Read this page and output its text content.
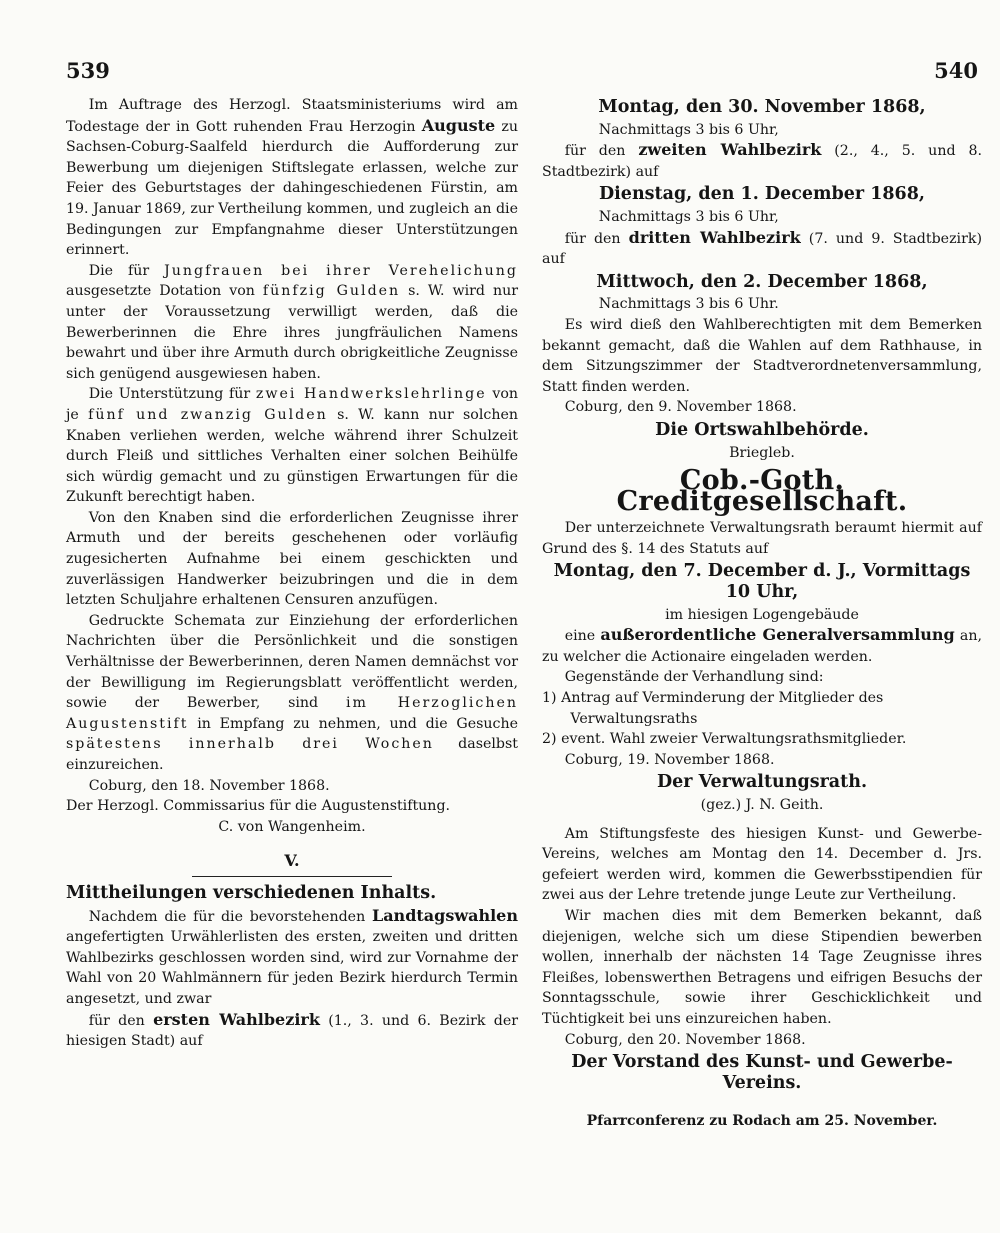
539	540

Im Auftrage des Herzogl. Staatsministeriums wird am Todestage der in Gott ruhenden Frau Herzogin Auguste zu Sachsen-Coburg-Saalfeld hierdurch die Aufforderung zur Bewerbung um diejenigen Stiftslegate erlassen, welche zur Feier des Geburtstages der dahingeschiedenen Fürstin, am 19. Januar 1869, zur Vertheilung kommen, und zugleich an die Bedingungen zur Empfangnahme dieser Unterstützungen erinnert.

Die für Jungfrauen bei ihrer Verehelichung ausgesetzte Dotation von fünfzig Gulden s. W. wird nur unter der Voraussetzung verwilligt werden, daß die Bewerberinnen die Ehre ihres jungfräulichen Namens bewahrt und über ihre Armuth durch obrigkeitliche Zeugnisse sich genügend ausgewiesen haben.

Die Unterstützung für zwei Handwerkslehrlinge von je fünf und zwanzig Gulden s. W. kann nur solchen Knaben verliehen werden, welche während ihrer Schulzeit durch Fleiß und sittliches Verhalten einer solchen Beihülfe sich würdig gemacht und zu günstigen Erwartungen für die Zukunft berechtigt haben.

Von den Knaben sind die erforderlichen Zeugnisse ihrer Armuth und der bereits geschehenen oder vorläufig zugesicherten Aufnahme bei einem geschickten und zuverlässigen Handwerker beizubringen und die in dem letzten Schuljahre erhaltenen Censuren anzufügen.

Gedruckte Schemata zur Einziehung der erforderlichen Nachrichten über die Persönlichkeit und die sonstigen Verhältnisse der Bewerberinnen, deren Namen demnächst vor der Bewilligung im Regierungsblatt veröffentlicht werden, sowie der Bewerber, sind im Herzoglichen Augustenstift in Empfang zu nehmen, und die Gesuche spätestens innerhalb drei Wochen daselbst einzureichen.

Coburg, den 18. November 1868.

Der Herzogl. Commissarius für die Augustenstiftung.

C. von Wangenheim.

V.
Mittheilungen verschiedenen Inhalts.

Nachdem die für die bevorstehenden Landtagswahlen angefertigten Urwählerlisten des ersten, zweiten und dritten Wahlbezirks geschlossen worden sind, wird zur Vornahme der Wahl von 20 Wahlmännern für jeden Bezirk hierdurch Termin angesetzt, und zwar

für den ersten Wahlbezirk (1., 3. und 6. Bezirk der hiesigen Stadt) auf

Montag, den 30. November 1868,

Nachmittags 3 bis 6 Uhr,

für den zweiten Wahlbezirk (2., 4., 5. und 8. Stadtbezirk) auf

Dienstag, den 1. December 1868,

Nachmittags 3 bis 6 Uhr,

für den dritten Wahlbezirk (7. und 9. Stadtbezirk) auf

Mittwoch, den 2. December 1868,

Nachmittags 3 bis 6 Uhr.

Es wird dieß den Wahlberechtigten mit dem Bemerken bekannt gemacht, daß die Wahlen auf dem Rathhause, in dem Sitzungszimmer der Stadtverordnetenversammlung, Statt finden werden.

Coburg, den 9. November 1868.

Die Ortswahlbehörde.

Briegleb.

Cob.-Goth. Creditgesellschaft.

Der unterzeichnete Verwaltungsrath beraumt hiermit auf Grund des §. 14 des Statuts auf

Montag, den 7. December d. J., Vormittags 10 Uhr,

im hiesigen Logengebäude

eine außerordentliche Generalversammlung an, zu welcher die Actionaire eingeladen werden.

Gegenstände der Verhandlung sind:

1) Antrag auf Verminderung der Mitglieder des Verwaltungsraths

2) event. Wahl zweier Verwaltungsrathsmitglieder.

Coburg, 19. November 1868.

Der Verwaltungsrath.

(gez.) J. N. Geith.

Am Stiftungsfeste des hiesigen Kunst- und Gewerbe-Vereins, welches am Montag den 14. December d. Jrs. gefeiert werden wird, kommen die Gewerbsstipendien für zwei aus der Lehre tretende junge Leute zur Vertheilung.

Wir machen dies mit dem Bemerken bekannt, daß diejenigen, welche sich um diese Stipendien bewerben wollen, innerhalb der nächsten 14 Tage Zeugnisse ihres Fleißes, lobenswerthen Betragens und eifrigen Besuchs der Sonntagsschule, sowie ihrer Geschicklichkeit und Tüchtigkeit bei uns einzureichen haben.

Coburg, den 20. November 1868.

Der Vorstand des Kunst- und Gewerbe-Vereins.

Pfarrconferenz zu Rodach am 25. November.
